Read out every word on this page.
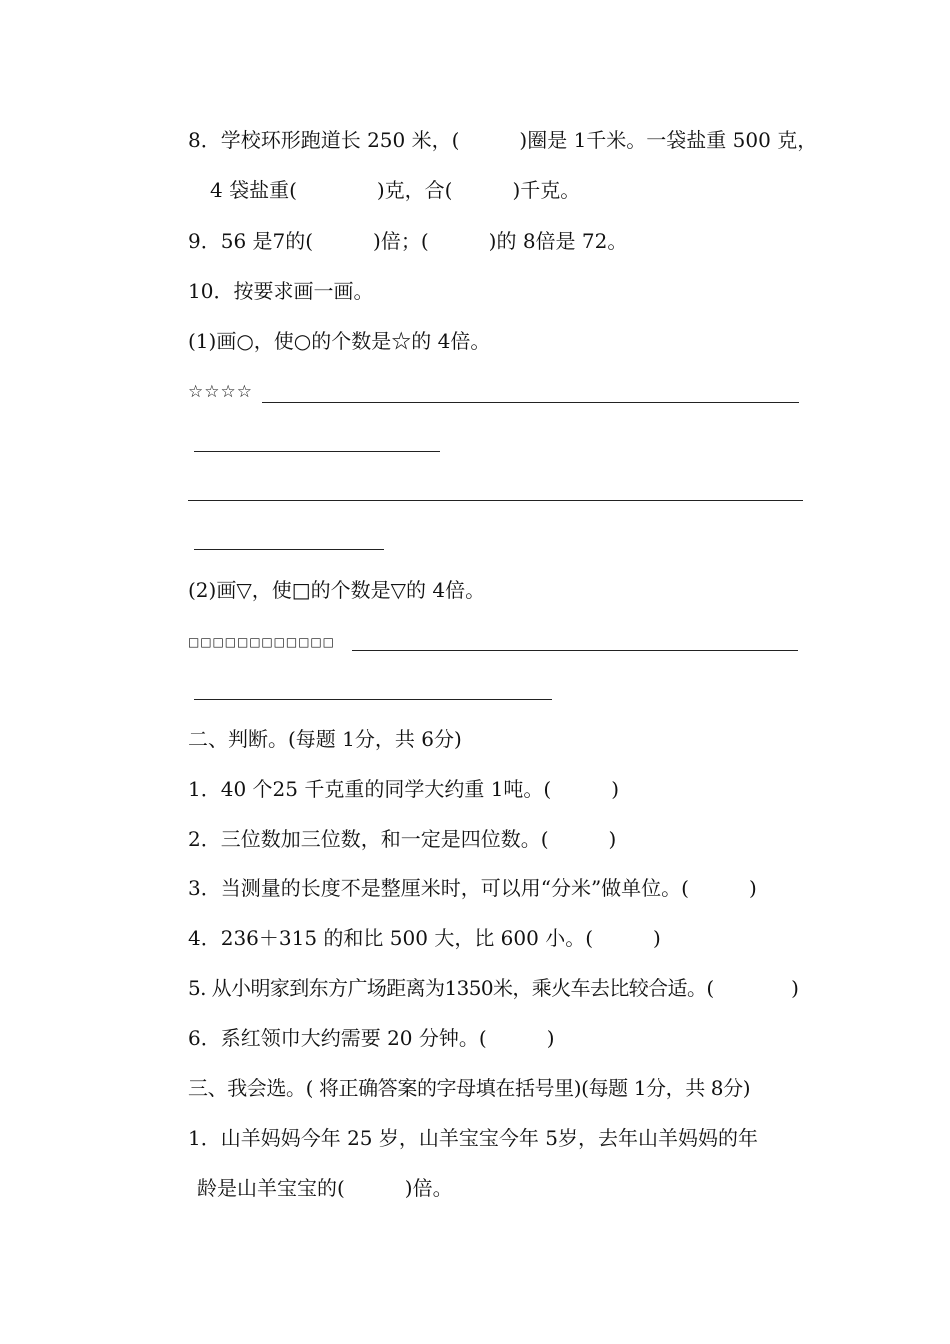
8．学校环形跑道长 250 米，(　　　)圈是 1千米。一袋盐重 500 克，
4 袋盐重(　　　　)克，合(　　　)千克。
9．56 是7的(　　　)倍；(　　　)的 8倍是 72。
10．按要求画一画。
(1)画○，使○的个数是☆的 4倍。
☆☆☆☆
(2)画▽，使□的个数是▽的 4倍。
□□□□□□□□□□□□
二、判断。(每题 1分，共 6分)
1．40 个25 千克重的同学大约重 1吨。(　　　)
2．三位数加三位数，和一定是四位数。(　　　)
3．当测量的长度不是整厘米时，可以用“分米”做单位。(　　　)
4．236＋315 的和比 500 大，比 600 小。(　　　)
5. 从小明家到东方广场距离为1350米，乘火车去比较合适。(　　　　)
6．系红领巾大约需要 20 分钟。(　　　)
三、我会选。( 将正确答案的字母填在括号里)(每题 1分，共 8分)
1．山羊妈妈今年 25 岁，山羊宝宝今年 5岁，去年山羊妈妈的年
龄是山羊宝宝的(　　　)倍。
